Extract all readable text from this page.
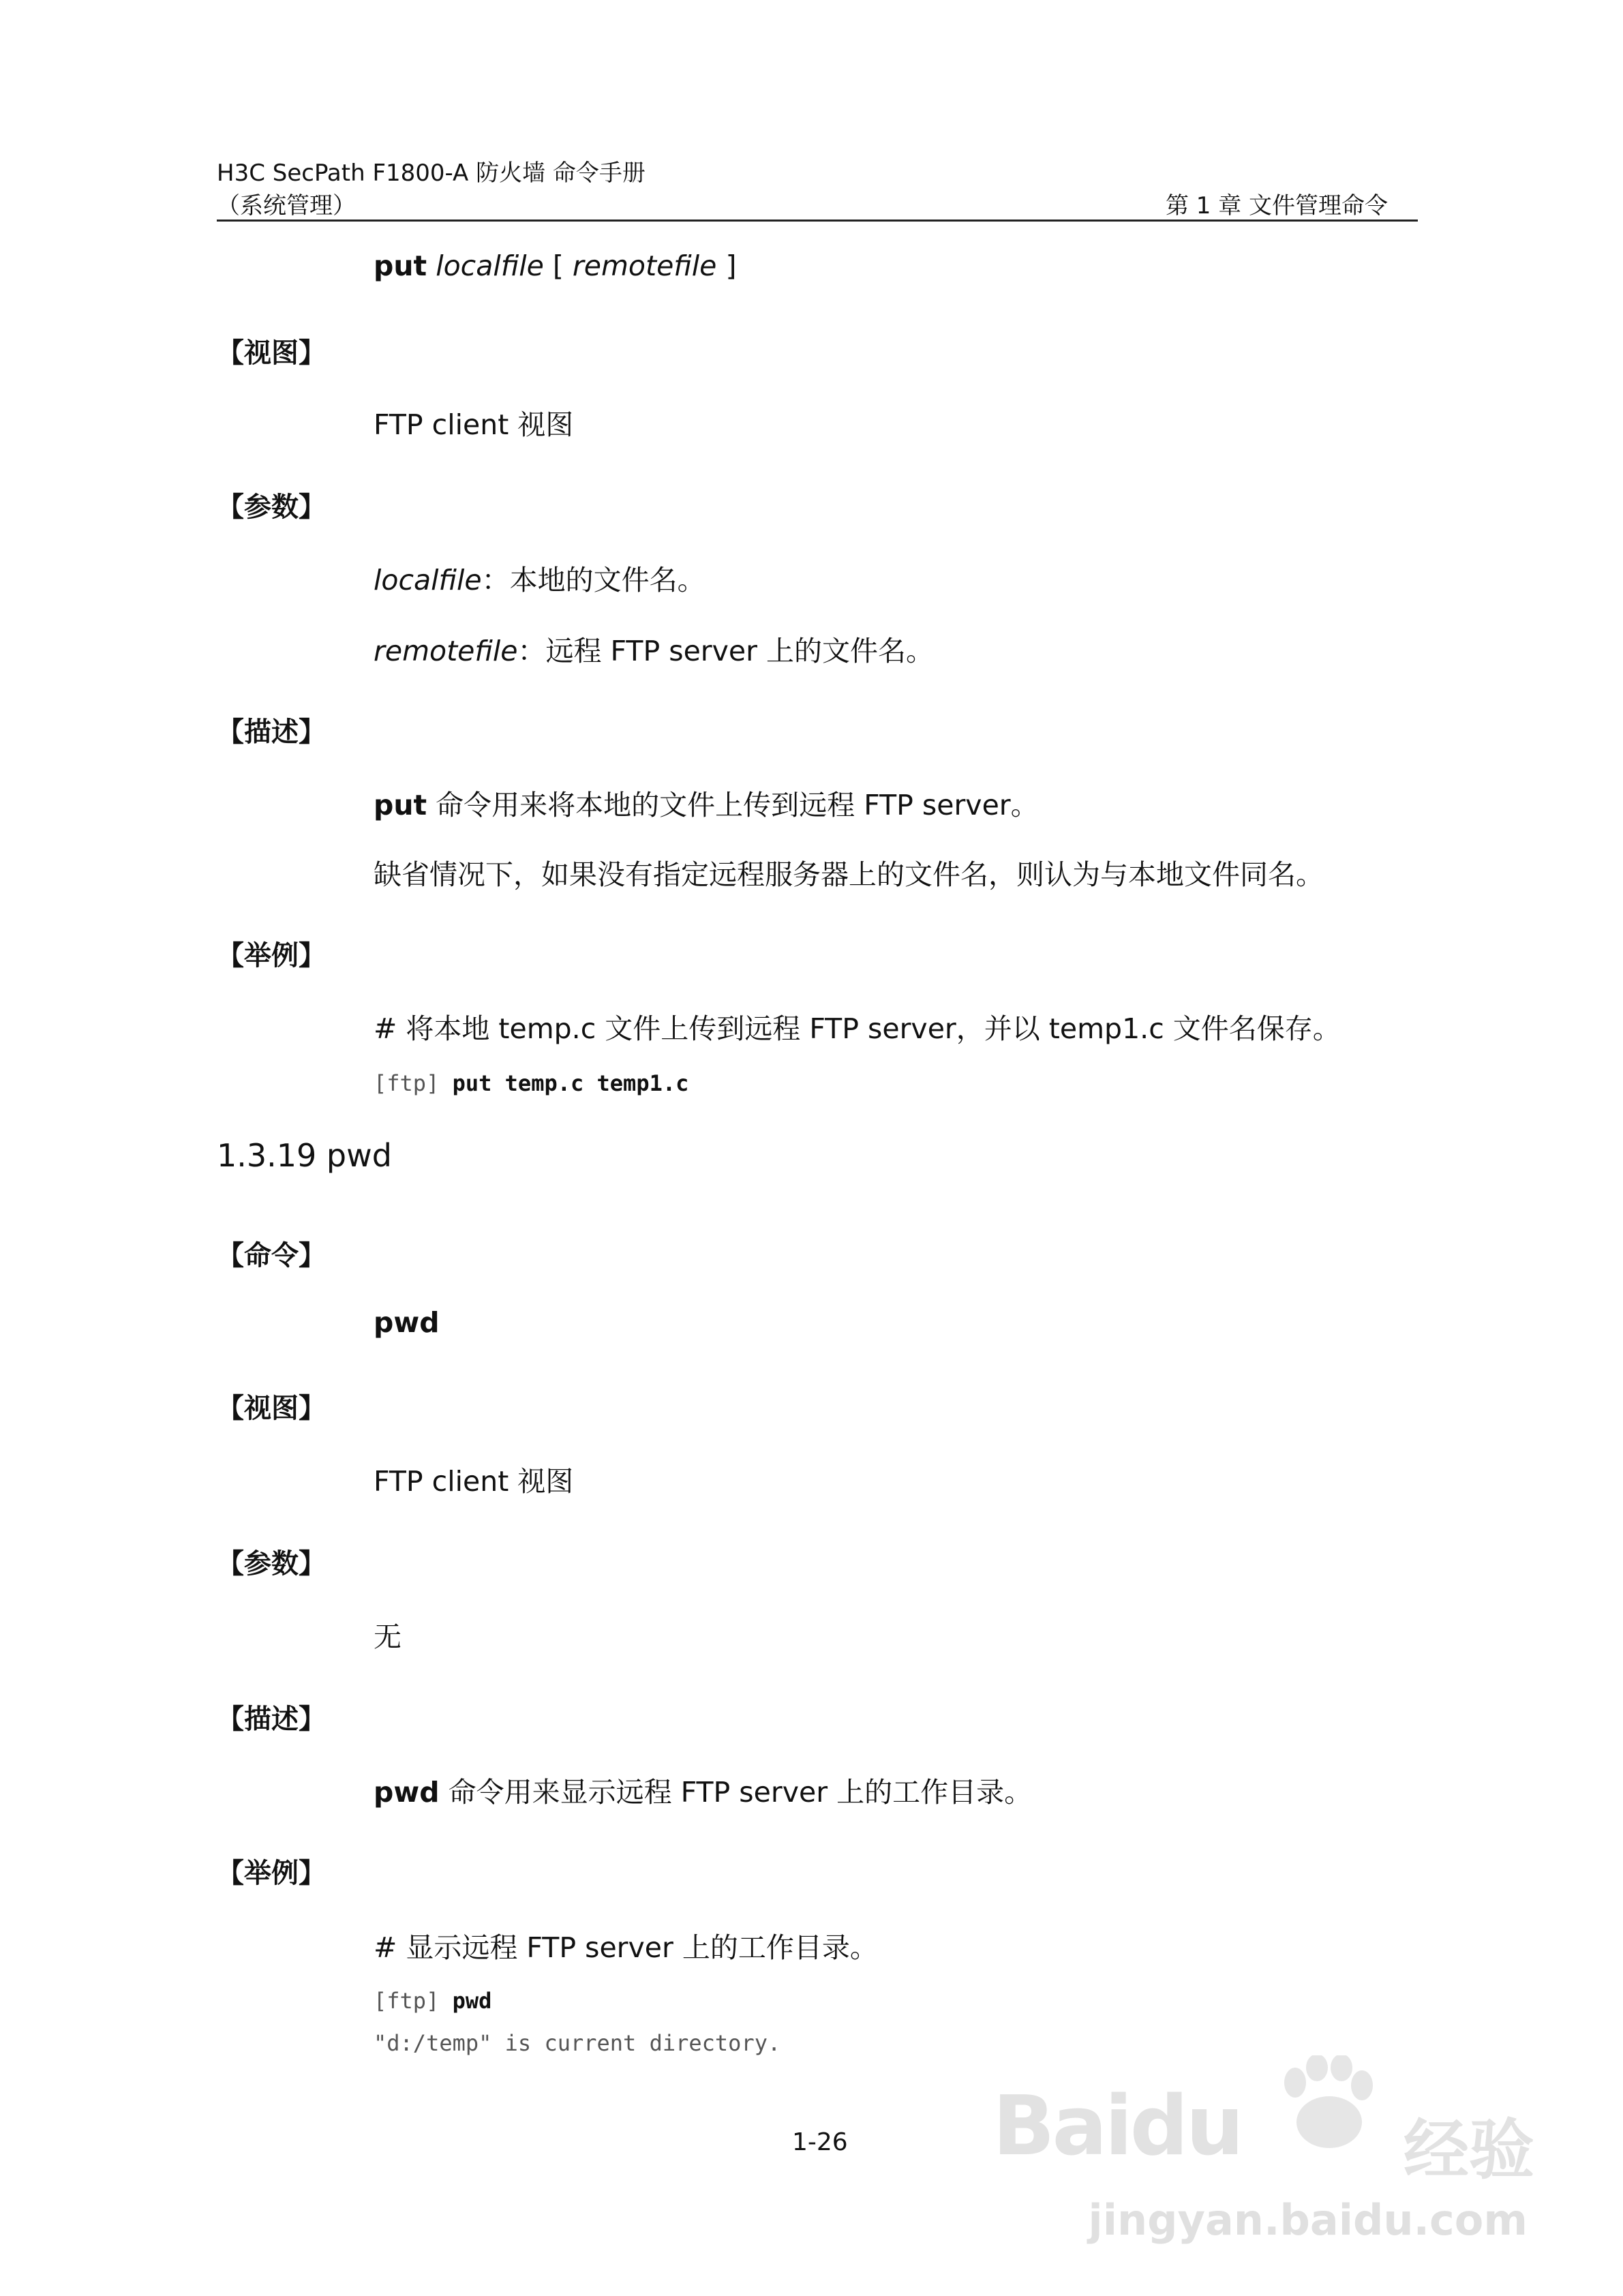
H3C SecPath F1800-A 防火墙 命令手册
（系统管理）	第 1 章 文件管理命令
put localfile [ remotefile ]
【视图】
FTP client 视图
【参数】
localfile：本地的文件名。
remotefile：远程 FTP server 上的文件名。
【描述】
put 命令用来将本地的文件上传到远程 FTP server。
缺省情况下，如果没有指定远程服务器上的文件名，则认为与本地文件同名。
【举例】
# 将本地 temp.c 文件上传到远程 FTP server，并以 temp1.c 文件名保存。
[ftp] put temp.c temp1.c
1.3.19 pwd
【命令】
pwd
【视图】
FTP client 视图
【参数】
无
【描述】
pwd 命令用来显示远程 FTP server 上的工作目录。
【举例】
# 显示远程 FTP server 上的工作目录。
[ftp] pwd
"d:/temp" is current directory.
1-26 Baidu 经验
jingyan.baidu.com
